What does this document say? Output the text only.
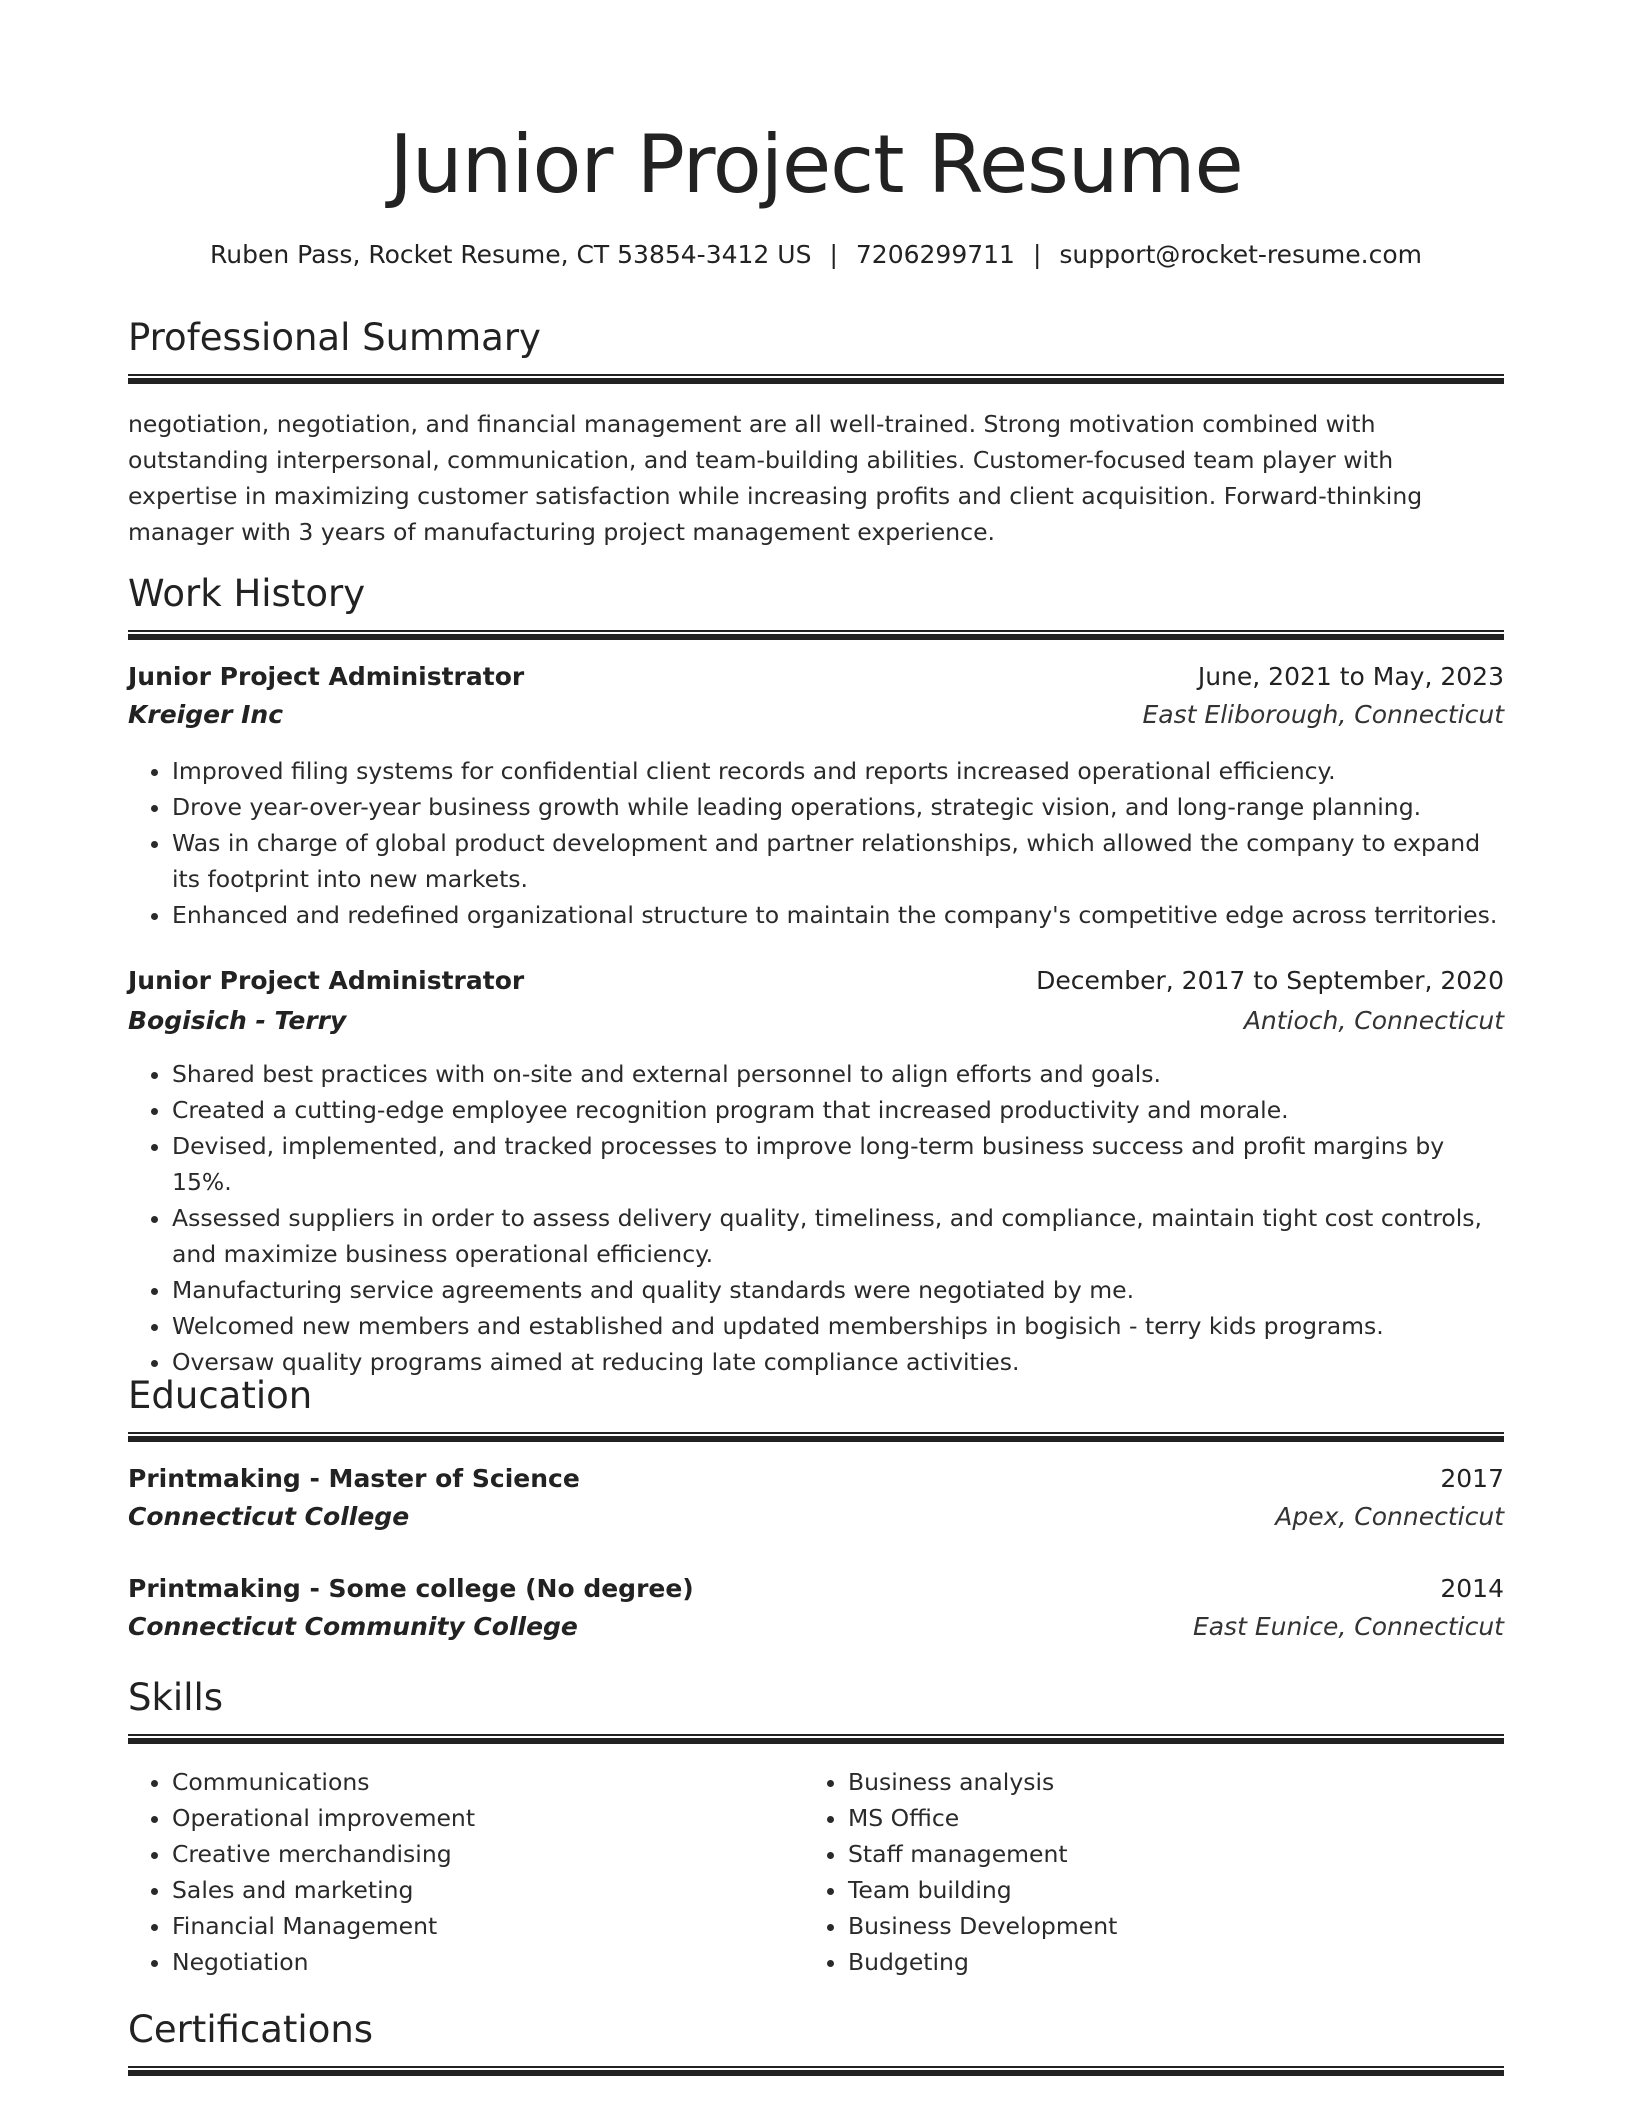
Junior Project Resume
Ruben Pass, Rocket Resume, CT 53854-3412 US | 7206299711 | support@rocket-resume.com
Professional Summary
negotiation, negotiation, and financial management are all well-trained. Strong motivation combined with outstanding interpersonal, communication, and team-building abilities. Customer-focused team player with expertise in maximizing customer satisfaction while increasing profits and client acquisition. Forward-thinking manager with 3 years of manufacturing project management experience.
Work History
Junior Project Administrator	June, 2021 to May, 2023
Kreiger Inc	East Eliborough, Connecticut
• Improved filing systems for confidential client records and reports increased operational efficiency.
• Drove year-over-year business growth while leading operations, strategic vision, and long-range planning.
• Was in charge of global product development and partner relationships, which allowed the company to expand its footprint into new markets.
• Enhanced and redefined organizational structure to maintain the company's competitive edge across territories.
Junior Project Administrator	December, 2017 to September, 2020
Bogisich - Terry	Antioch, Connecticut
• Shared best practices with on-site and external personnel to align efforts and goals.
• Created a cutting-edge employee recognition program that increased productivity and morale.
• Devised, implemented, and tracked processes to improve long-term business success and profit margins by 15%.
• Assessed suppliers in order to assess delivery quality, timeliness, and compliance, maintain tight cost controls, and maximize business operational efficiency.
• Manufacturing service agreements and quality standards were negotiated by me.
• Welcomed new members and established and updated memberships in bogisich - terry kids programs.
• Oversaw quality programs aimed at reducing late compliance activities.
Education
Printmaking - Master of Science	2017
Connecticut College	Apex, Connecticut
Printmaking - Some college (No degree)	2014
Connecticut Community College	East Eunice, Connecticut
Skills
• Communications
• Operational improvement
• Creative merchandising
• Sales and marketing
• Financial Management
• Negotiation
• Business analysis
• MS Office
• Staff management
• Team building
• Business Development
• Budgeting
Certifications
